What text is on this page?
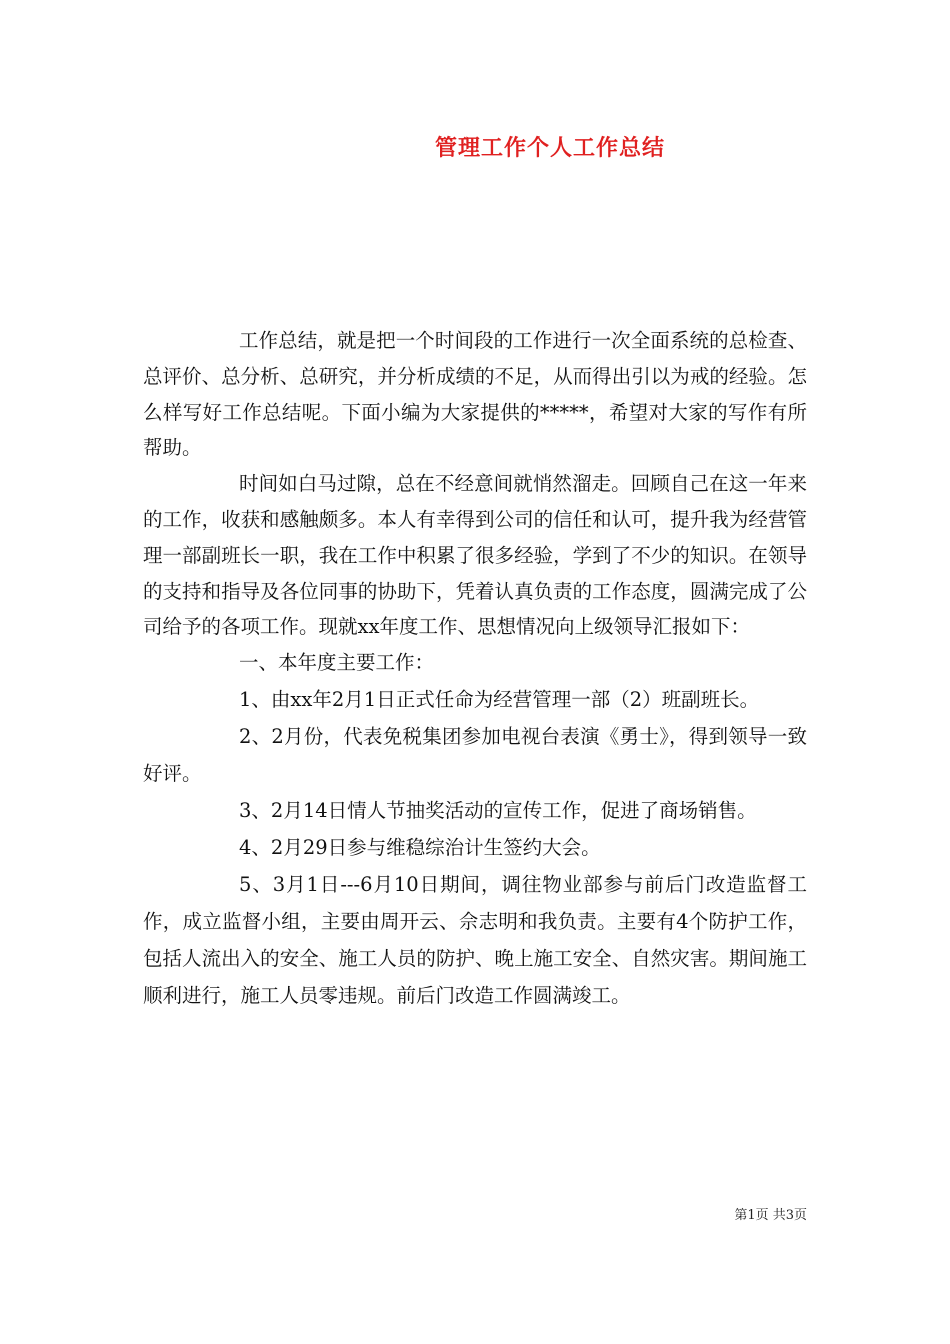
管理工作个人工作总结

工作总结，就是把一个时间段的工作进行一次全面系统的总检查、总评价、总分析、总研究，并分析成绩的不足，从而得出引以为戒的经验。怎么样写好工作总结呢。下面小编为大家提供的*****，希望对大家的写作有所帮助。

时间如白马过隙，总在不经意间就悄然溜走。回顾自己在这一年来的工作，收获和感触颇多。本人有幸得到公司的信任和认可，提升我为经营管理一部副班长一职，我在工作中积累了很多经验，学到了不少的知识。在领导的支持和指导及各位同事的协助下，凭着认真负责的工作态度，圆满完成了公司给予的各项工作。现就xx年度工作、思想情况向上级领导汇报如下：

一、本年度主要工作：

1、由xx年2月1日正式任命为经营管理一部（2）班副班长。

2、2月份，代表免税集团参加电视台表演《勇士》，得到领导一致好评。

3、2月14日情人节抽奖活动的宣传工作，促进了商场销售。

4、2月29日参与维稳综治计生签约大会。

5、3月1日---6月10日期间，调往物业部参与前后门改造监督工作，成立监督小组，主要由周开云、佘志明和我负责。主要有4个防护工作，包括人流出入的安全、施工人员的防护、晚上施工安全、自然灾害。期间施工顺利进行，施工人员零违规。前后门改造工作圆满竣工。

第1页 共3页
